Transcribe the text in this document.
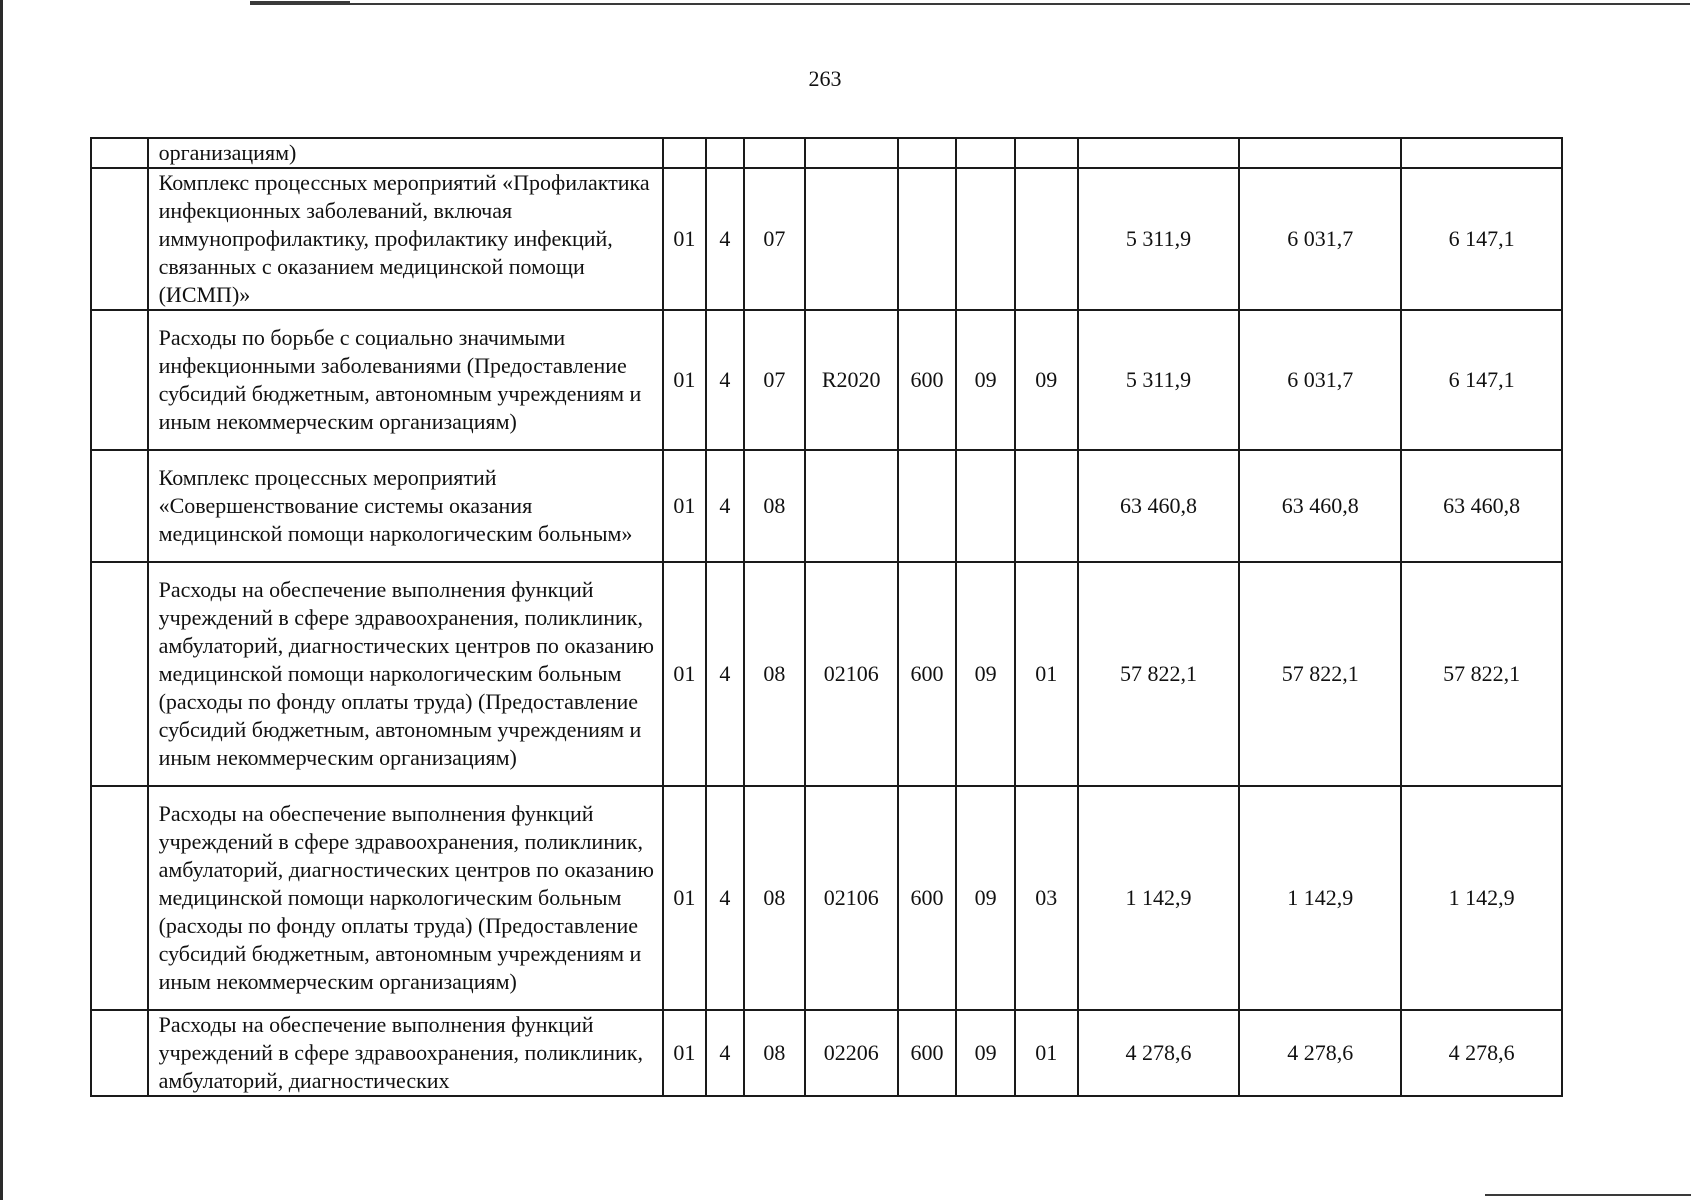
263
	организациям)										
	Комплекс процессных мероприятий «Профилактика инфекционных заболеваний, включая иммунопрофилактику, профилактику инфекций, связанных с оказанием медицинской помощи (ИСМП)»	01	4	07					5 311,9	6 031,7	6 147,1
	Расходы по борьбе с социально значимыми инфекционными заболеваниями (Предоставление субсидий бюджетным, автономным учреждениям и иным некоммерческим организациям)	01	4	07	R2020	600	09	09	5 311,9	6 031,7	6 147,1
	Комплекс процессных мероприятий «Совершенствование системы оказания медицинской помощи наркологическим больным»	01	4	08					63 460,8	63 460,8	63 460,8
	Расходы на обеспечение выполнения функций учреждений в сфере здравоохранения, поликлиник, амбулаторий, диагностических центров по оказанию медицинской помощи наркологическим больным (расходы по фонду оплаты труда) (Предоставление субсидий бюджетным, автономным учреждениям и иным некоммерческим организациям)	01	4	08	02106	600	09	01	57 822,1	57 822,1	57 822,1
	Расходы на обеспечение выполнения функций учреждений в сфере здравоохранения, поликлиник, амбулаторий, диагностических центров по оказанию медицинской помощи наркологическим больным (расходы по фонду оплаты труда) (Предоставление субсидий бюджетным, автономным учреждениям и иным некоммерческим организациям)	01	4	08	02106	600	09	03	1 142,9	1 142,9	1 142,9
	Расходы на обеспечение выполнения функций учреждений в сфере здравоохранения, поликлиник, амбулаторий, диагностических	01	4	08	02206	600	09	01	4 278,6	4 278,6	4 278,6
